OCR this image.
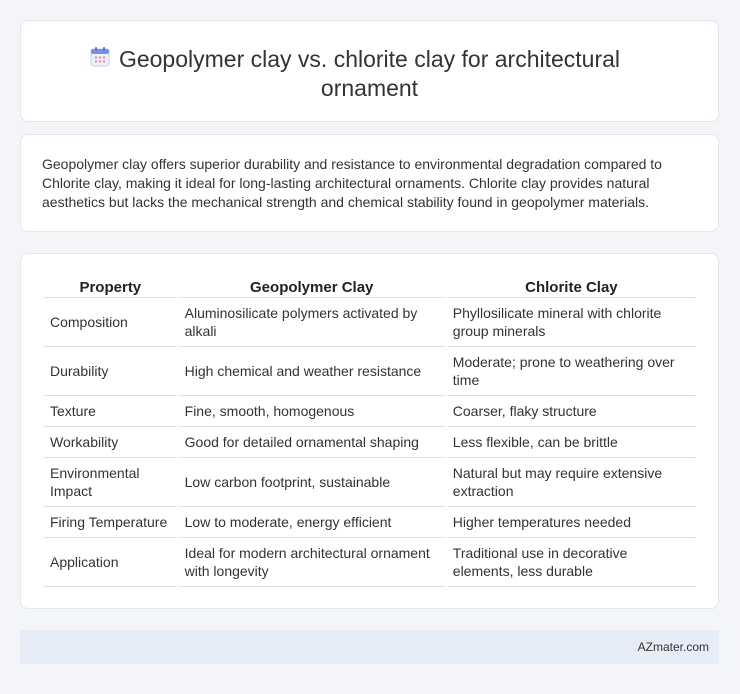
Geopolymer clay vs. chlorite clay for architectural
ornament

Geopolymer clay offers superior durability and resistance to environmental degradation compared to Chlorite clay, making it ideal for long-lasting architectural ornaments. Chlorite clay provides natural aesthetics but lacks the mechanical strength and chemical stability found in geopolymer materials.

Property	Geopolymer Clay	Chlorite Clay
Composition	Aluminosilicate polymers activated by alkali	Phyllosilicate mineral with chlorite group minerals
Durability	High chemical and weather resistance	Moderate; prone to weathering over time
Texture	Fine, smooth, homogenous	Coarser, flaky structure
Workability	Good for detailed ornamental shaping	Less flexible, can be brittle
Environmental Impact	Low carbon footprint, sustainable	Natural but may require extensive extraction
Firing Temperature	Low to moderate, energy efficient	Higher temperatures needed
Application	Ideal for modern architectural ornament with longevity	Traditional use in decorative elements, less durable
AZmater.com
